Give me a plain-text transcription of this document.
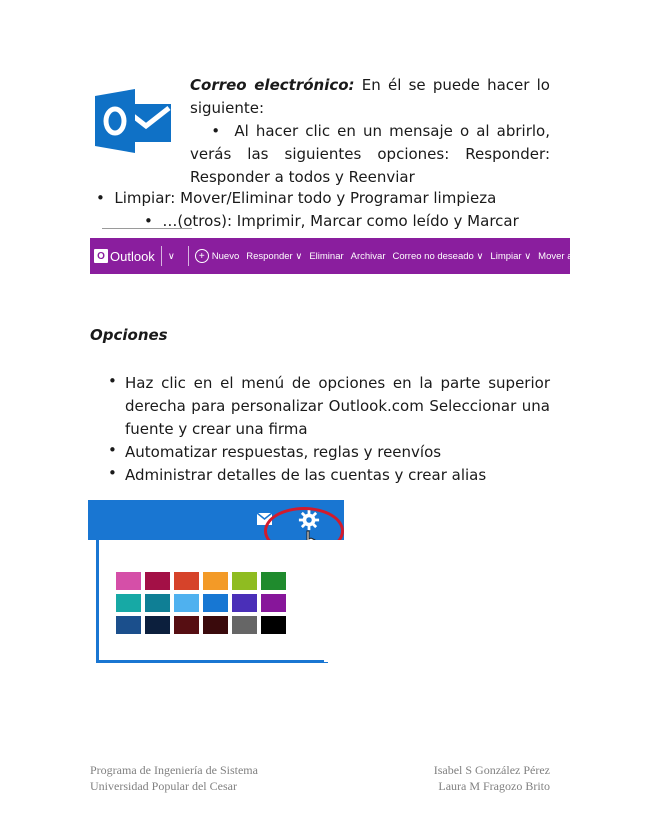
Correo electrónico: En él se puede hacer lo siguiente:
•  Al hacer clic en un mensaje o al abrirlo, verás las siguientes opciones: Responder: Responder a todos y Reenviar
•  Limpiar: Mover/Eliminar todo y Programar limpieza
•  …(otros): Imprimir, Marcar como leído y Marcar
O Outlook ∨	+ Nuevo Responder ∨ Eliminar Archivar Correo no deseado ∨ Limpiar ∨ Mover a ∨ Categorías ∨ •••
Opciones
• Haz clic en el menú de opciones en la parte superior derecha para personalizar Outlook.com Seleccionar una fuente y crear una firma
• Automatizar respuestas, reglas y reenvíos
• Administrar detalles de las cuentas y crear alias
Programa de Ingeniería de Sistema
Universidad Popular del Cesar
Isabel S González Pérez
Laura M Fragozo Brito
